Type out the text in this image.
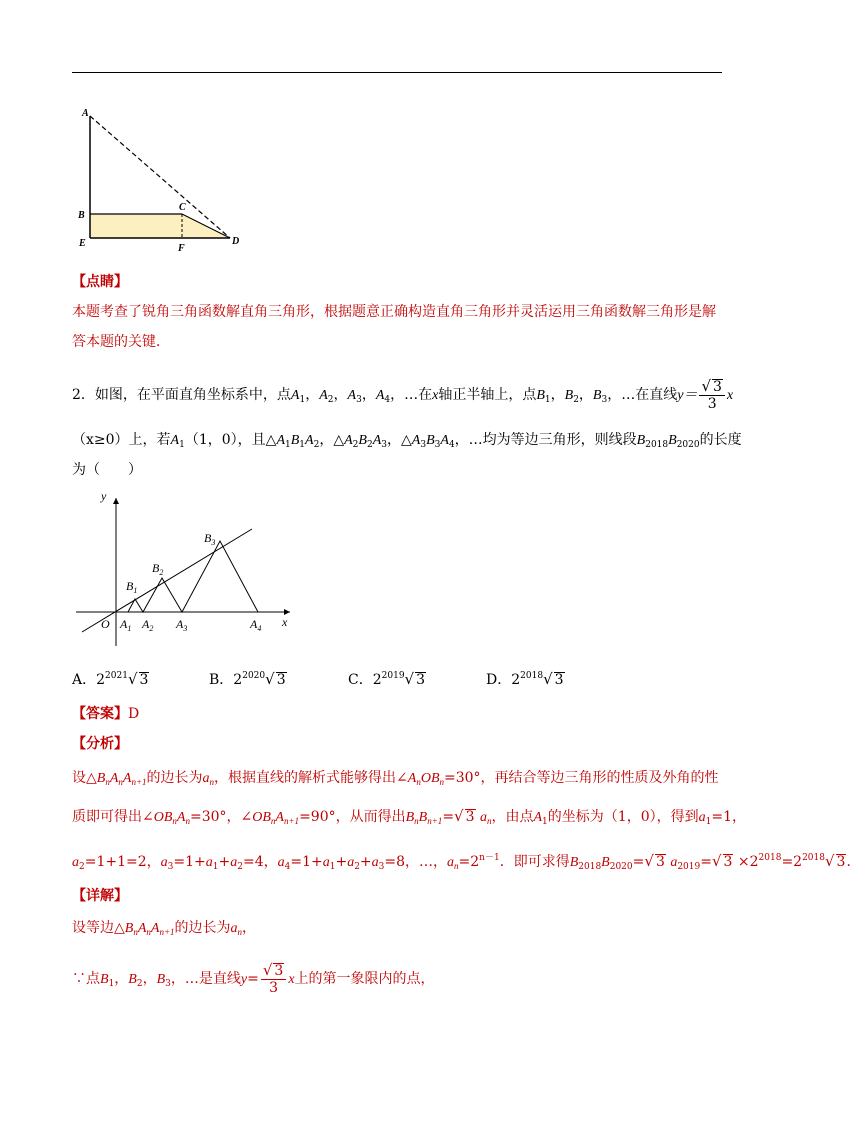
A
B
C
D
E	F
【点睛】
本题考查了锐角三角函数解直角三角形，根据题意正确构造直角三角形并灵活运用三角函数解三角形是解
答本题的关键．
2．如图，在平面直角坐标系中，点$A_1$，$A_2$，$A_3$，$A_4$，…在x轴正半轴上，点$B_1$，$B_2$，$B_3$，…在直线$y= \frac{√ 3}{3}$ x
（x≥0）上，若$A_1(1$，0），且$\triangle A_1B_1A_2$，$\triangle A_2B_2A_3$，$\triangle A_3B_3A_4$，…均为等边三角形，则线段$B_{2018}B_{2020}$的长度
为（　　）
y
x
O
$B_1$
$B_2$
$B_3$
$A_1$ $A_2$ $A_3$	$A_4$
A．$2^{2021}√$ 3	B．$2^{2020}√$ 3	C．$2^{2019}√$ 3	D．$2^{2018}√$ 3
【答案】D
【分析】
设$\triangle B_nA_nA_{n+1}$的边长为$a_n$，根据直线的解析式能够得出$\angle A_nOB_n=30^\circ$，再结合等边三角形的性质及外角的性
质即可得出$\angle OB_nA_n=30^\circ$，$\angle OB_nA_{n+1}=90^\circ$，从而得出$B_nB_{n+1}=√$ 3 $a_n$，由点$A_1$的坐标为（1，0），得到$a_1=1$，
$a_2=1+1=2$，$a_3=1+a_1+a_2=4$，$a_4=1+a_1+a_2+a_3=8$，…，$a_n=2^{n-1}$．即可求得$B_{2018}B_{2020}=√$ 3 $a_{2019}=√$ $3 \times 2^{2018}=2^{2018}√$ 3．
【详解】
设等边$\triangle B_nA_nA_{n+1}$的边长为$a_n$，
∵点$B_1$，$B_2$，$B_3$，…是直线$y= \frac{√ 3}{3}$ x上的第一象限内的点，
